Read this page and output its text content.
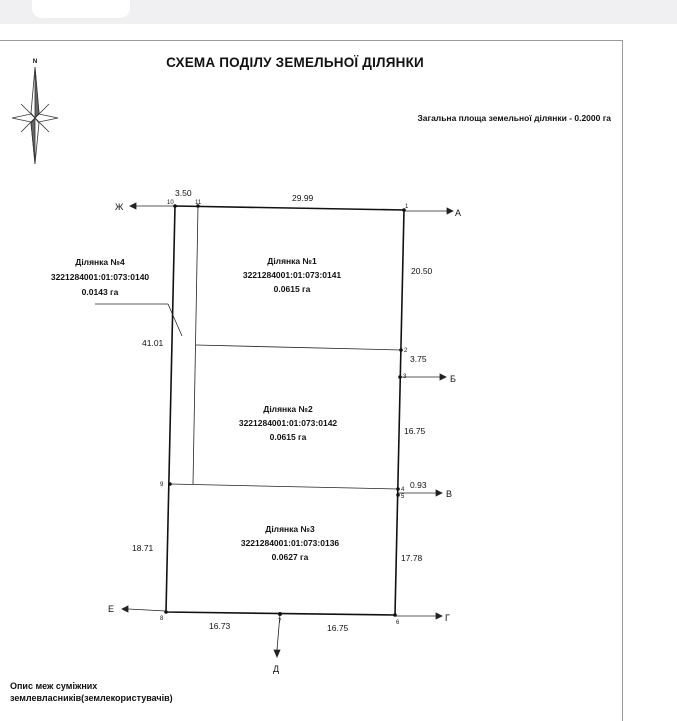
СХЕМА ПОДІЛУ ЗЕМЕЛЬНОЇ ДІЛЯНКИ
Загальна площа земельної ділянки - 0.2000 га
N
1
2
3
4
5
6
7
8
9
10	11
А
Б
В
Г
Д
Е
Ж
3.50	29.99
20.50
3.75
16.75
0.93
17.78
41.01
18.71
16.73	16.75
Ділянка №1
3221284001:01:073:0141
0.0615 га
Ділянка №2
3221284001:01:073:0142
0.0615 га
Ділянка №3
3221284001:01:073:0136
0.0627 га
Ділянка №4
3221284001:01:073:0140
0.0143 га
Опис меж суміжних
землевласників(землекористувачів)
